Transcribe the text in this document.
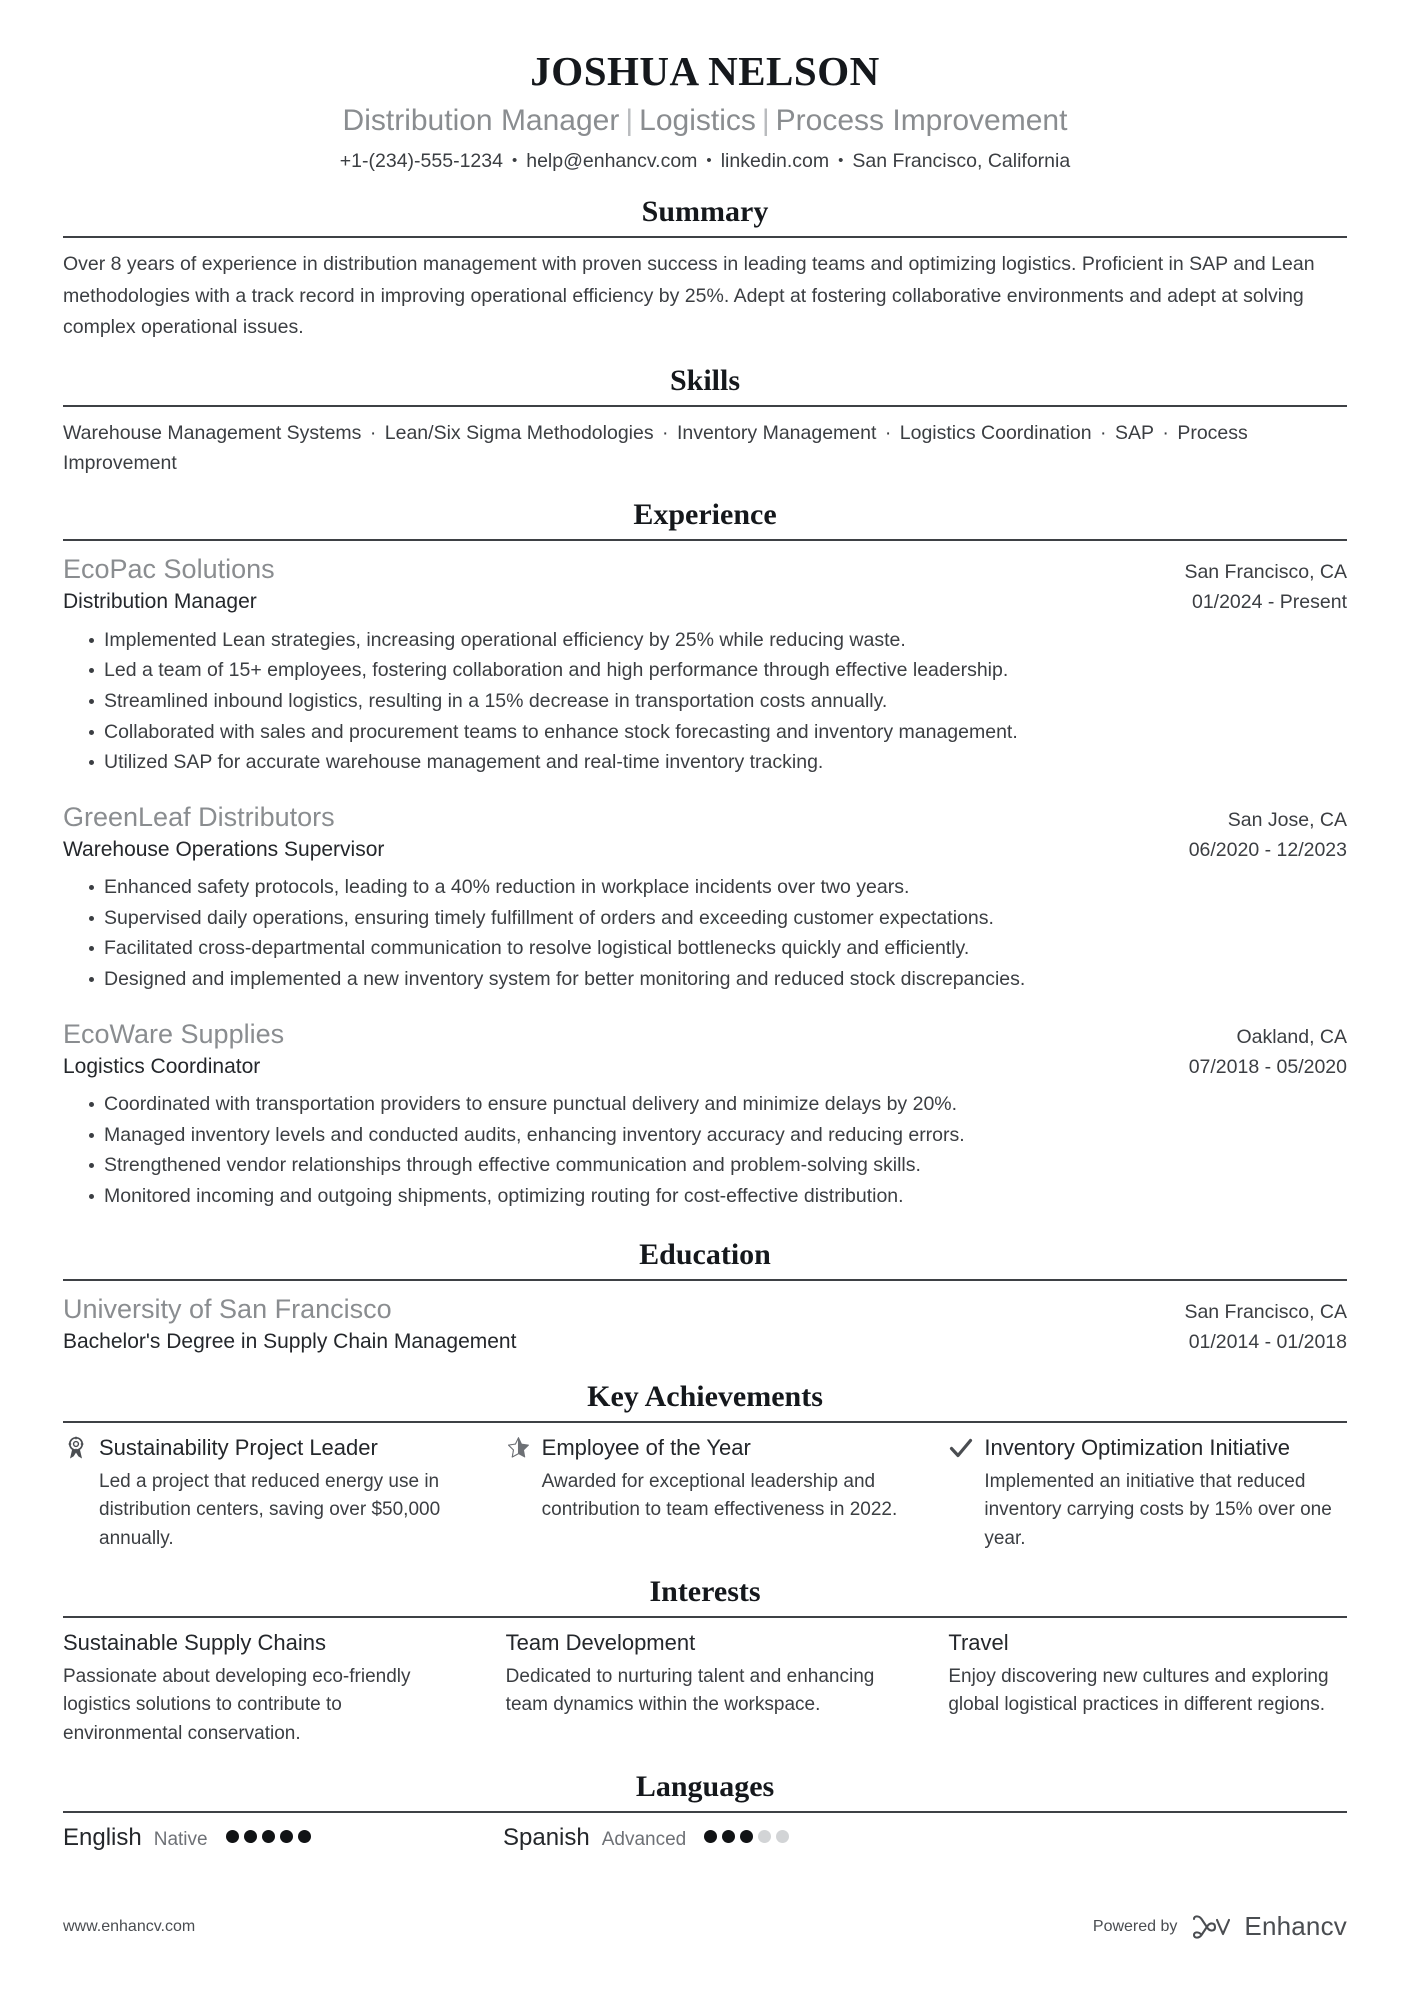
JOSHUA NELSON
Distribution Manager | Logistics | Process Improvement
+1-(234)-555-1234 • help@enhancv.com • linkedin.com • San Francisco, California
Summary
Over 8 years of experience in distribution management with proven success in leading teams and optimizing logistics. Proficient in SAP and Lean methodologies with a track record in improving operational efficiency by 25%. Adept at fostering collaborative environments and adept at solving complex operational issues.
Skills
Warehouse Management Systems · Lean/Six Sigma Methodologies · Inventory Management · Logistics Coordination · SAP · Process Improvement
Experience
EcoPac Solutions	San Francisco, CA
Distribution Manager	01/2024 - Present
Implemented Lean strategies, increasing operational efficiency by 25% while reducing waste.
Led a team of 15+ employees, fostering collaboration and high performance through effective leadership.
Streamlined inbound logistics, resulting in a 15% decrease in transportation costs annually.
Collaborated with sales and procurement teams to enhance stock forecasting and inventory management.
Utilized SAP for accurate warehouse management and real-time inventory tracking.
GreenLeaf Distributors	San Jose, CA
Warehouse Operations Supervisor	06/2020 - 12/2023
Enhanced safety protocols, leading to a 40% reduction in workplace incidents over two years.
Supervised daily operations, ensuring timely fulfillment of orders and exceeding customer expectations.
Facilitated cross-departmental communication to resolve logistical bottlenecks quickly and efficiently.
Designed and implemented a new inventory system for better monitoring and reduced stock discrepancies.
EcoWare Supplies	Oakland, CA
Logistics Coordinator	07/2018 - 05/2020
Coordinated with transportation providers to ensure punctual delivery and minimize delays by 20%.
Managed inventory levels and conducted audits, enhancing inventory accuracy and reducing errors.
Strengthened vendor relationships through effective communication and problem-solving skills.
Monitored incoming and outgoing shipments, optimizing routing for cost-effective distribution.
Education
University of San Francisco	San Francisco, CA
Bachelor's Degree in Supply Chain Management	01/2014 - 01/2018
Key Achievements
Sustainability Project Leader
Led a project that reduced energy use in distribution centers, saving over $50,000 annually.
Employee of the Year
Awarded for exceptional leadership and contribution to team effectiveness in 2022.
Inventory Optimization Initiative
Implemented an initiative that reduced inventory carrying costs by 15% over one year.
Interests
Sustainable Supply Chains
Passionate about developing eco-friendly logistics solutions to contribute to environmental conservation.
Team Development
Dedicated to nurturing talent and enhancing team dynamics within the workspace.
Travel
Enjoy discovering new cultures and exploring global logistical practices in different regions.
Languages
English Native	Spanish Advanced
www.enhancv.com	Powered by	Enhancv
